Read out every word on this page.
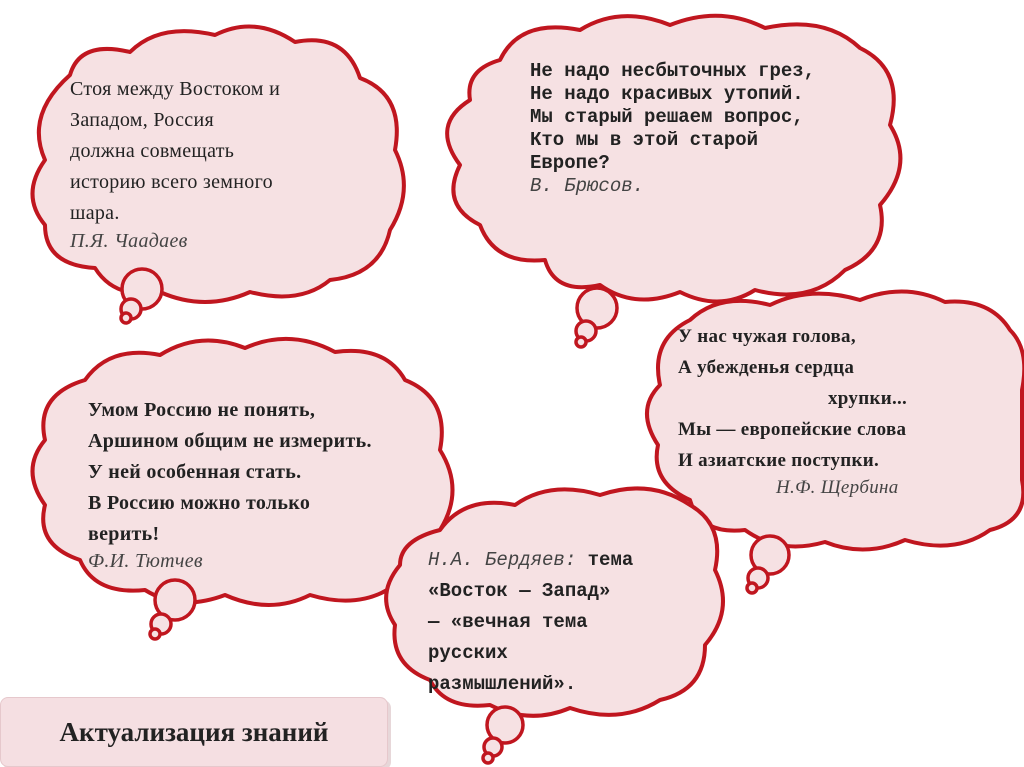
Стоя между Востоком и
Западом, Россия
должна совмещать
историю всего земного
шара.
П.Я. Чаадаев
Не надо несбыточных грез,
Не надо красивых утопий.
Мы старый решаем вопрос,
Кто мы в этой старой
Европе?
В. Брюсов.
Умом Россию не понять,
Аршином общим не измерить.
У ней особенная стать.
В Россию можно только
верить!
Ф.И. Тютчев
У нас чужая голова,
А убежденья сердца
хрупки...
Мы — европейские слова
И азиатские поступки.
Н.Ф. Щербина
Н.А. Бердяев: тема
«Восток — Запад»
— «вечная тема
русских
размышлений».
Актуализация знаний
